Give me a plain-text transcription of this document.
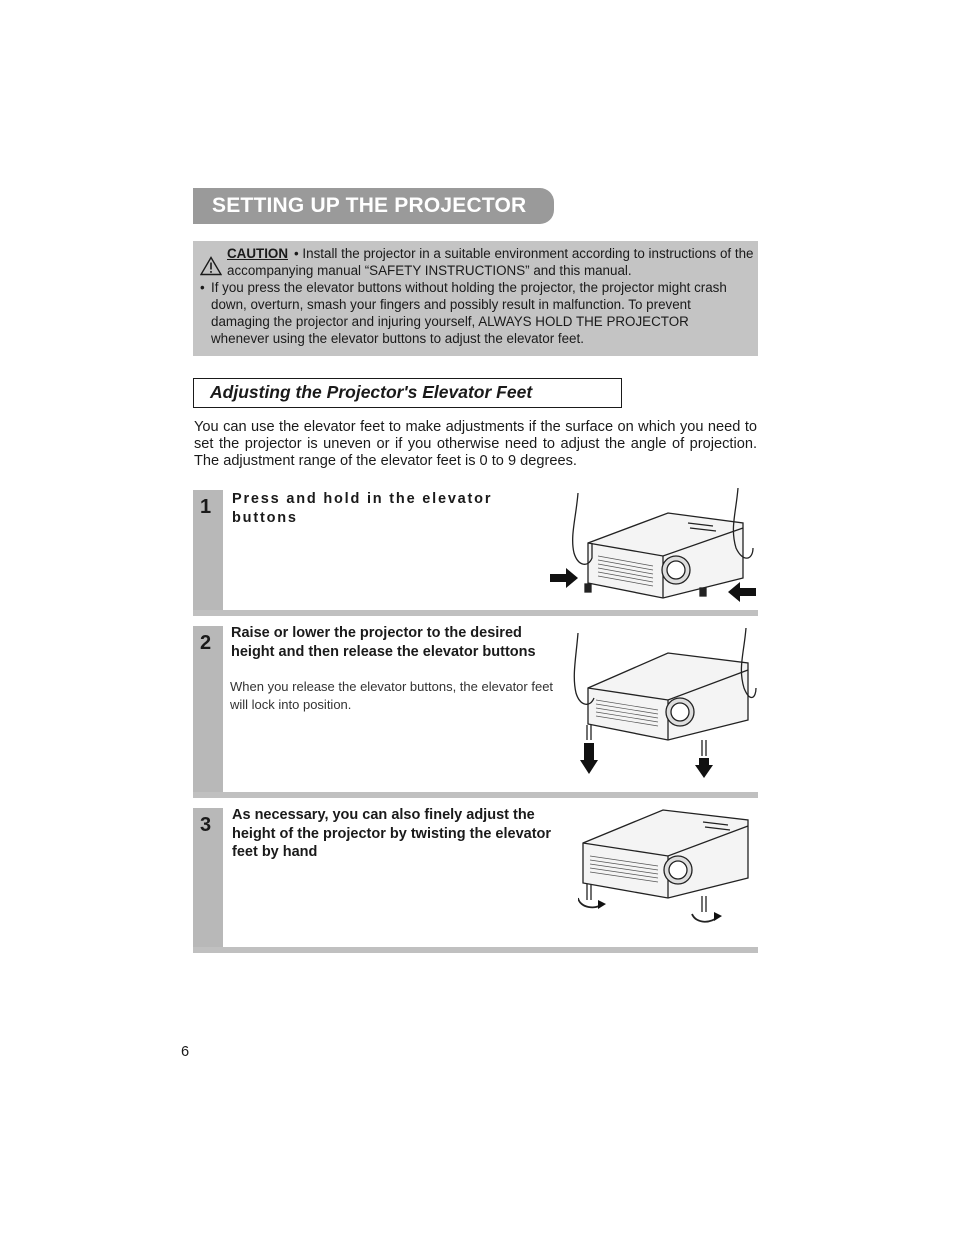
SETTING UP THE PROJECTOR
CAUTION • Install the projector in a suitable environment according to instructions of the accompanying manual “SAFETY INSTRUCTIONS” and this manual.
• If you press the elevator buttons without holding the projector, the projector might crash down, overturn, smash your fingers and possibly result in malfunction. To prevent damaging the projector and injuring yourself, ALWAYS HOLD THE PROJECTOR whenever using the elevator buttons to adjust the elevator feet.
Adjusting the Projector's Elevator Feet
You can use the elevator feet to make adjustments if the surface on which you need to set the projector is uneven or if you otherwise need to adjust the angle of projection. The adjustment range of the elevator feet is 0 to 9 degrees.
1 Press and hold in the elevator buttons
2 Raise or lower the projector to the desired height and then release the elevator buttons
When you release the elevator buttons, the elevator feet will lock into position.
3 As necessary, you can also finely adjust the height of the projector by twisting the elevator feet by hand
6
